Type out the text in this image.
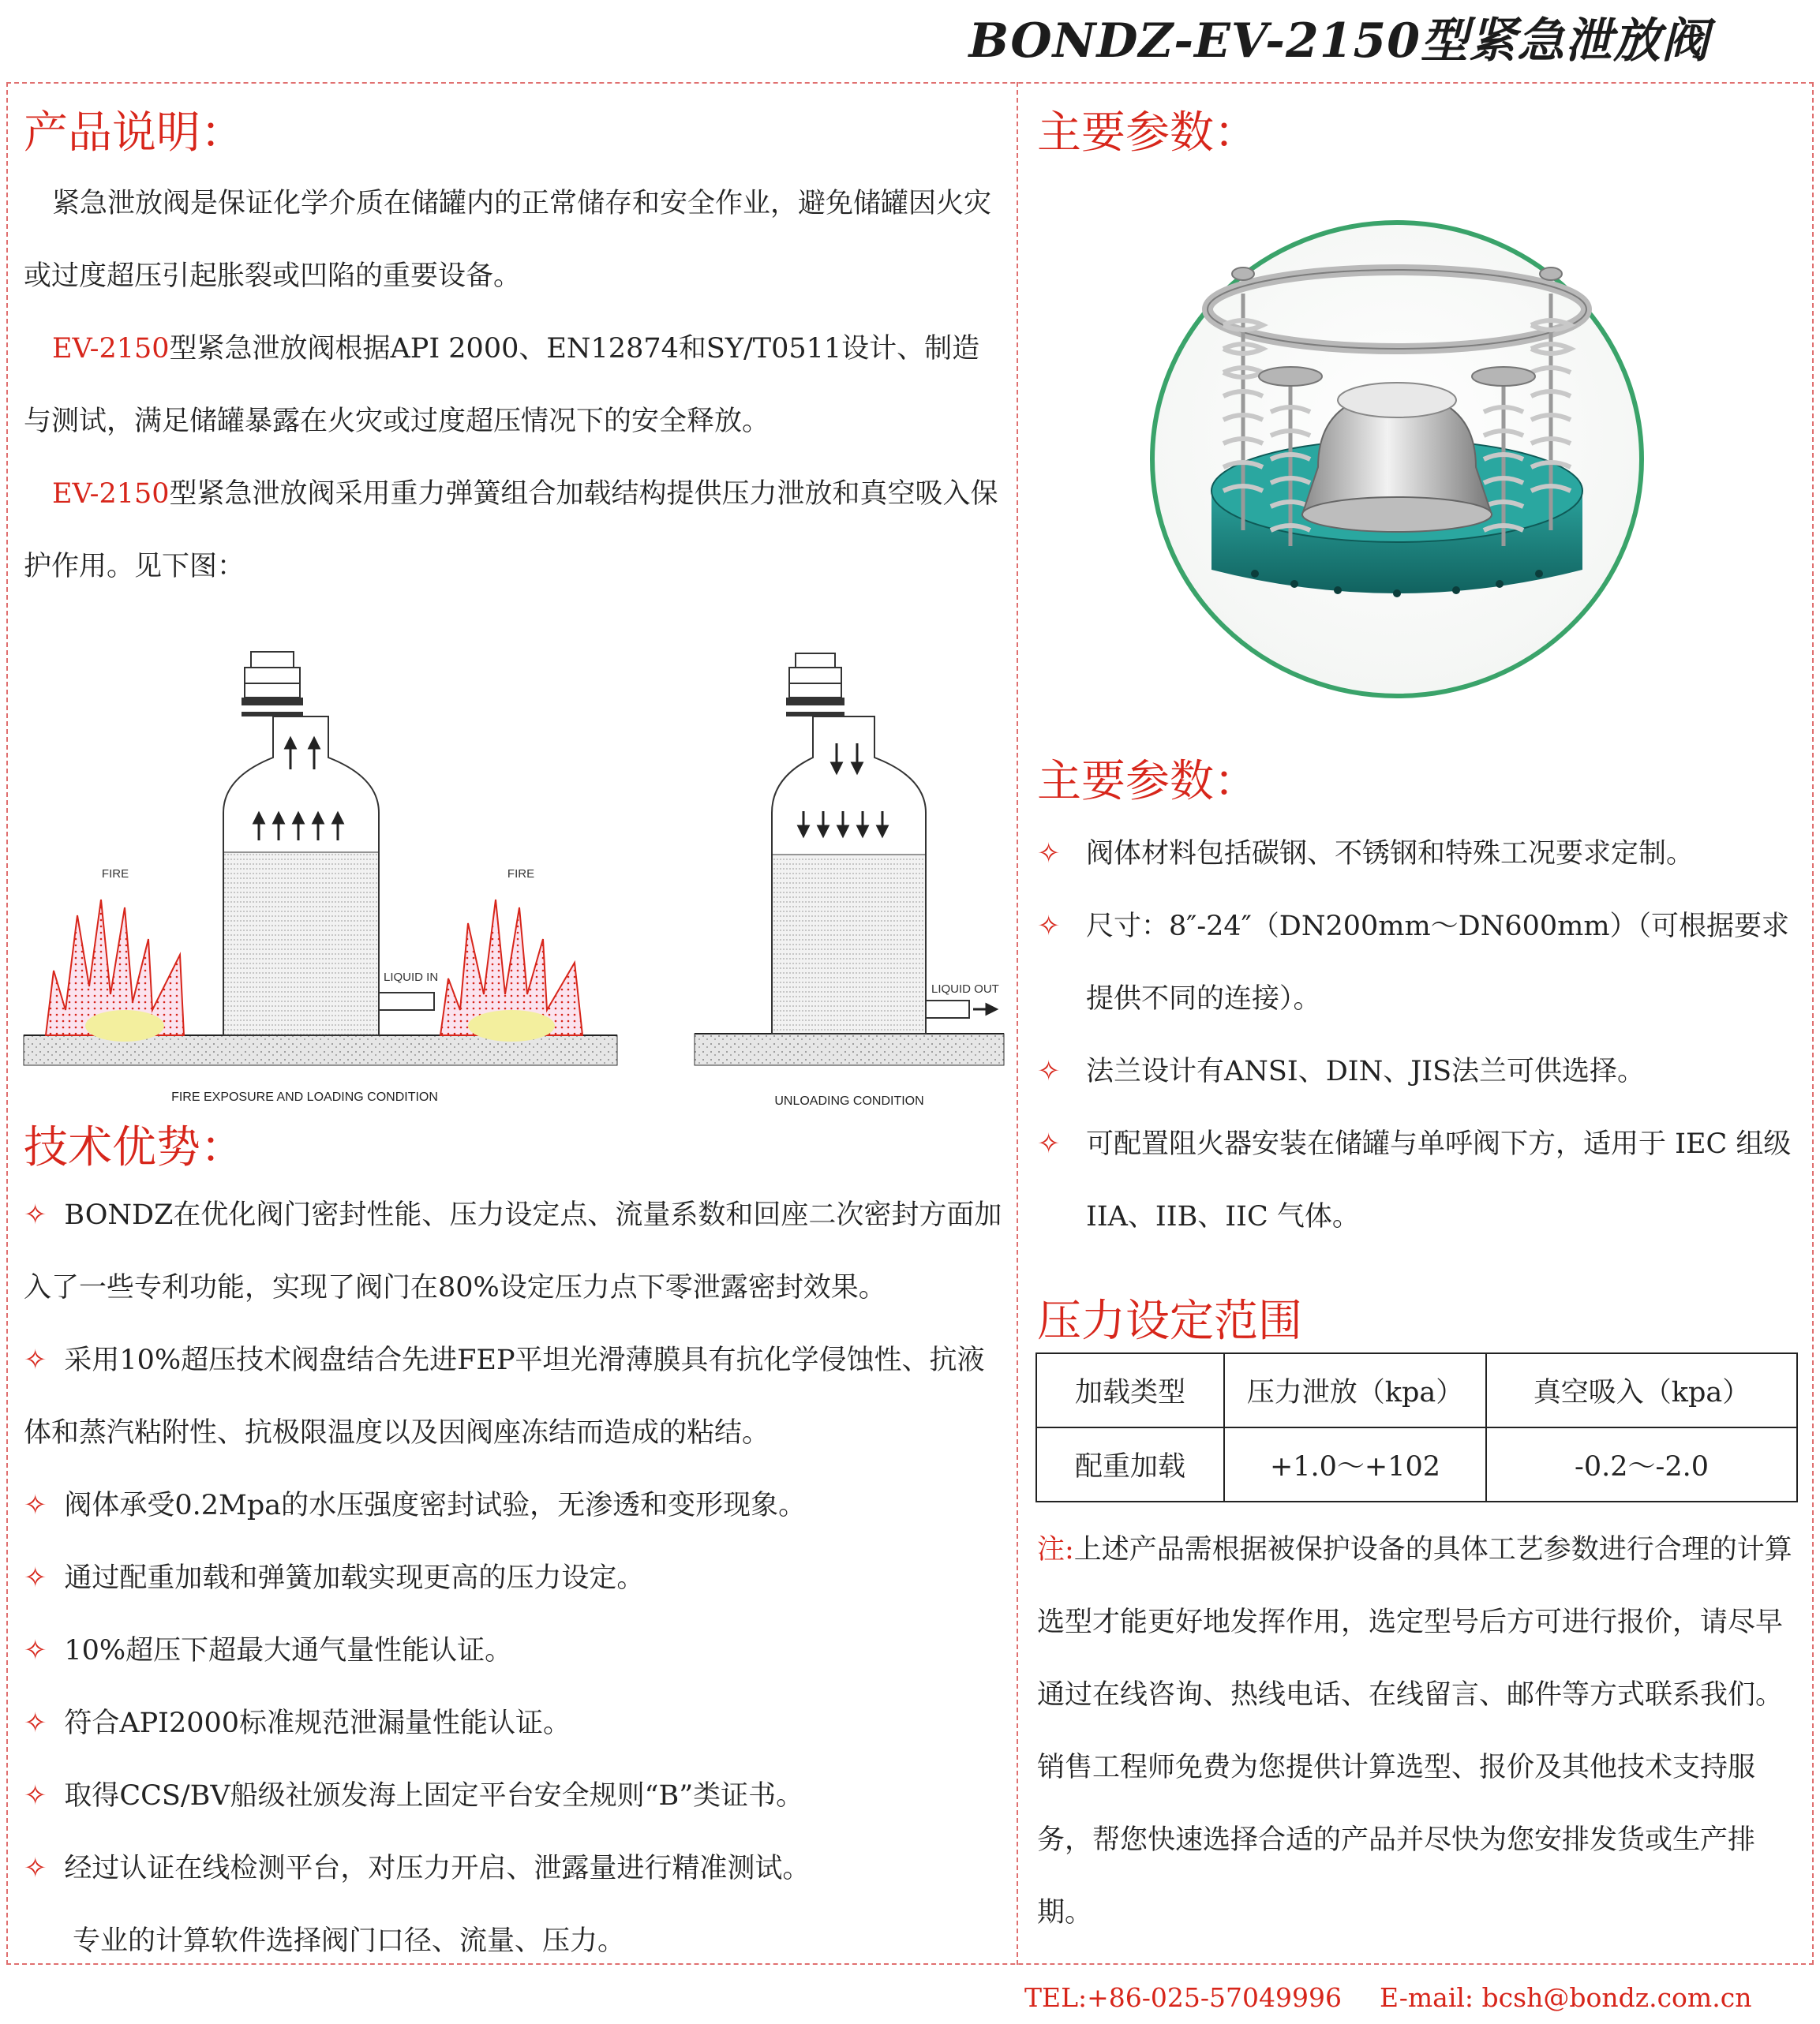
BONDZ-EV-2150型紧急泄放阀
产品说明：
紧急泄放阀是保证化学介质在储罐内的正常储存和安全作业，避免储罐因火灾或过度超压引起胀裂或凹陷的重要设备。
EV-2150型紧急泄放阀根据API 2000、EN12874和SY/T0511设计、制造与测试，满足储罐暴露在火灾或过度超压情况下的安全释放。
EV-2150型紧急泄放阀采用重力弹簧组合加载结构提供压力泄放和真空吸入保护作用。见下图：
FIRE
LIQUID IN
FIRE
LIQUID OUT
FIRE EXPOSURE AND LOADING CONDITION	UNLOADING CONDITION
技术优势：
✧ BONDZ在优化阀门密封性能、压力设定点、流量系数和回座二次密封方面加入了一些专利功能，实现了阀门在80%设定压力点下零泄露密封效果。
✧ 采用10%超压技术阀盘结合先进FEP平坦光滑薄膜具有抗化学侵蚀性、抗液体和蒸汽粘附性、抗极限温度以及因阀座冻结而造成的粘结。
✧ 阀体承受0.2Mpa的水压强度密封试验，无渗透和变形现象。
✧ 通过配重加载和弹簧加载实现更高的压力设定。
✧ 10%超压下超最大通气量性能认证。
✧ 符合API2000标准规范泄漏量性能认证。
✧ 取得CCS/BV船级社颁发海上固定平台安全规则“B”类证书。
✧ 经过认证在线检测平台，对压力开启、泄露量进行精准测试。
专业的计算软件选择阀门口径、流量、压力。
主要参数：
主要参数：
✧ 阀体材料包括碳钢、不锈钢和特殊工况要求定制。
✧ 尺寸：8″-24″（DN200mm～DN600mm）（可根据要求提供不同的连接）。
✧ 法兰设计有ANSI、DIN、JIS法兰可供选择。
✧ 可配置阻火器安装在储罐与单呼阀下方，适用于 IEC 组级 IIA、IIB、IIC 气体。
压力设定范围
加载类型	压力泄放（kpa）	真空吸入（kpa）
配重加载	+1.0～+102	-0.2～-2.0
注:上述产品需根据被保护设备的具体工艺参数进行合理的计算选型才能更好地发挥作用，选定型号后方可进行报价，请尽早通过在线咨询、热线电话、在线留言、邮件等方式联系我们。销售工程师免费为您提供计算选型、报价及其他技术支持服务，帮您快速选择合适的产品并尽快为您安排发货或生产排期。
TEL:+86-025-57049996 E-mail: bcsh@bondz.com.cn
